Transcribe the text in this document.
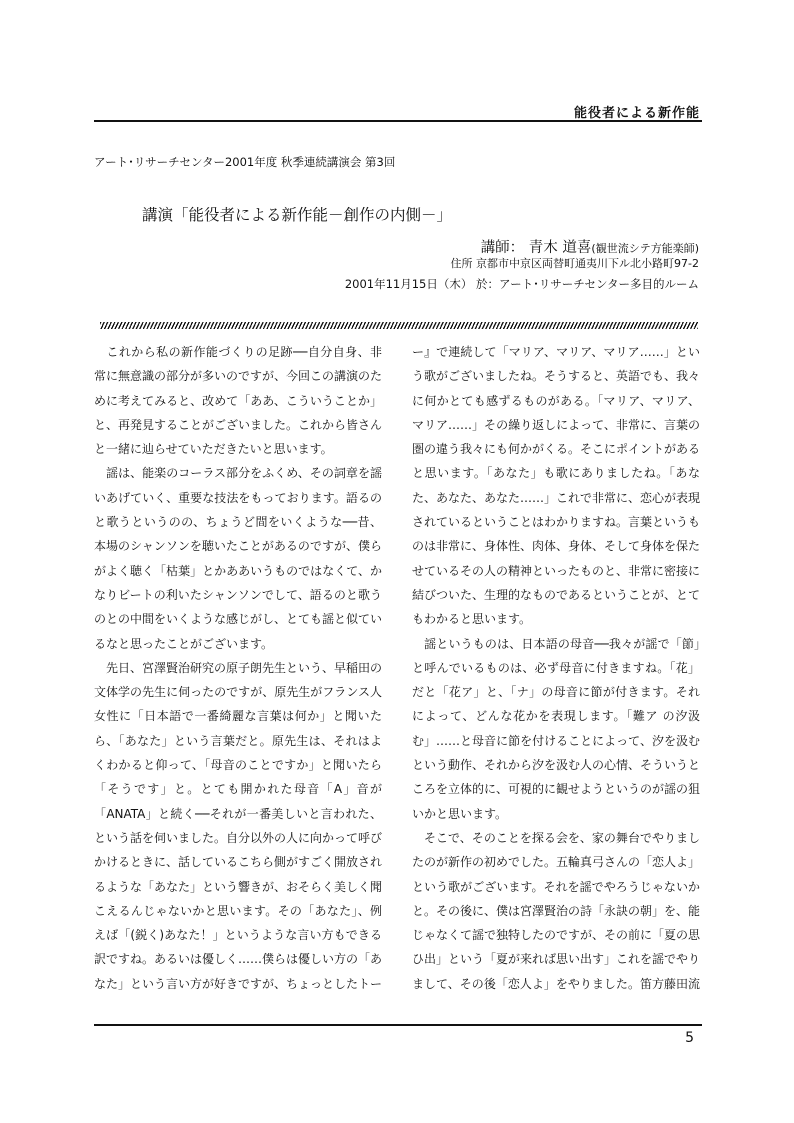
能役者による新作能
アート･リサーチセンター2001年度 秋季連続講演会 第3回
講演「能役者による新作能－創作の内側－」
講師： 青木 道喜(観世流シテ方能楽師)
住所 京都市中京区両替町通夷川下ル北小路町97-2
2001年11月15日（木） 於：アート･リサーチセンター多目的ルーム

　これから私の新作能づくりの足跡──自分自身、非常に無意識の部分が多いのですが、今回この講演のために考えてみると、改めて「ああ、こういうことか」と、再発見することがございました。これから皆さんと一緒に辿らせていただきたいと思います。

　謡は、能楽のコーラス部分をふくめ、その詞章を謡いあげていく、重要な技法をもっております。語るのと歌うというのの、ちょうど間をいくような──昔、本場のシャンソンを聴いたことがあるのですが、僕らがよく聴く「枯葉」とかああいうものではなくて、かなりビートの利いたシャンソンでして、語るのと歌うのとの中間をいくような感じがし、とても謡と似ているなと思ったことがございます。

　先日、宮澤賢治研究の原子朗先生という、早稲田の文体学の先生に伺ったのですが、原先生がフランス人女性に「日本語で一番綺麗な言葉は何か」と聞いたら、「あなた」という言葉だと。原先生は、それはよくわかると仰って、「母音のことですか」と聞いたら「そうです」と。とても開かれた母音「A」音が「ANATA」と続く──それが一番美しいと言われた、という話を伺いました。自分以外の人に向かって呼びかけるときに、話しているこちら側がすごく開放されるような「あなた」という響きが、おそらく美しく聞こえるんじゃないかと思います。その「あなた」、例えば「(鋭く)あなた！」というような言い方もできる訳ですね。あるいは優しく……僕らは優しい方の「あなた」という言い方が好きですが、ちょっとしたトー

ー』で連続して「マリア、マリア、マリア……」という歌がございましたね。そうすると、英語でも、我々に何かとても感ずるものがある。「マリア、マリア、マリア……」その繰り返しによって、非常に、言葉の圏の違う我々にも何かがくる。そこにポイントがあると思います。「あなた」も歌にありましたね。「あなた、あなた、あなた……」これで非常に、恋心が表現されているということはわかりますね。言葉というものは非常に、身体性、肉体、身体、そして身体を保たせているその人の精神といったものと、非常に密接に結びついた、生理的なものであるということが、とてもわかると思います。

　謡というものは、日本語の母音──我々が謡で「節」と呼んでいるものは、必ず母音に付きますね。「花」だと「花ア」と、「ナ」の母音に節が付きます。それによって、どんな花かを表現します。「難ア の汐汲む」……と母音に節を付けることによって、汐を汲むという動作、それから汐を汲む人の心情、そういうところを立体的に、可視的に観せようというのが謡の狙いかと思います。

　そこで、そのことを探る会を、家の舞台でやりましたのが新作の初めでした。五輪真弓さんの「恋人よ」という歌がございます。それを謡でやろうじゃないかと。その後に、僕は宮澤賢治の詩「永訣の朝」を、能じゃなくて謡で独特したのですが、その前に「夏の思ひ出」という「夏が来れば思い出す」これを謡でやりまして、その後「恋人よ」をやりました。笛方藤田流

5
